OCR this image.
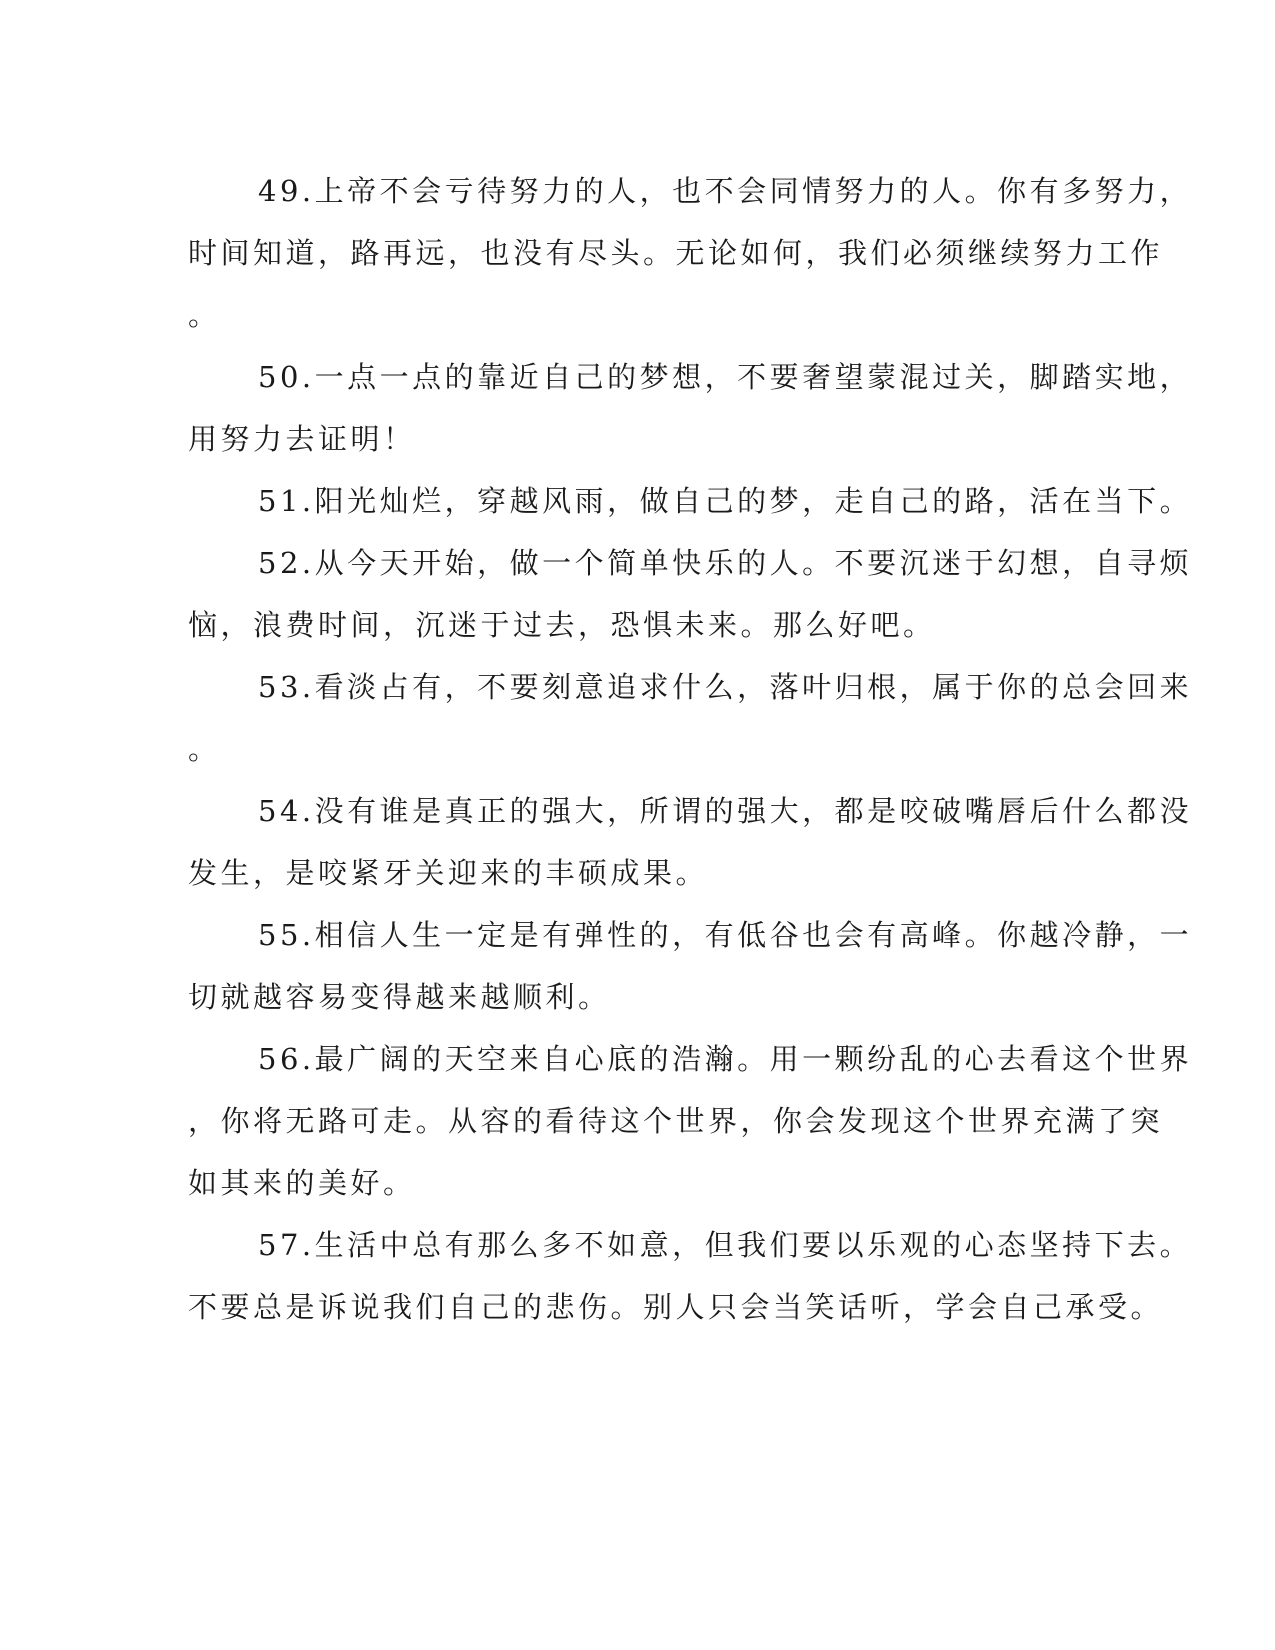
49.上帝不会亏待努力的人，也不会同情努力的人。你有多努力，
时间知道，路再远，也没有尽头。无论如何，我们必须继续努力工作
。
50.一点一点的靠近自己的梦想，不要奢望蒙混过关，脚踏实地，
用努力去证明！
51.阳光灿烂，穿越风雨，做自己的梦，走自己的路，活在当下。
52.从今天开始，做一个简单快乐的人。不要沉迷于幻想，自寻烦
恼，浪费时间，沉迷于过去，恐惧未来。那么好吧。
53.看淡占有，不要刻意追求什么，落叶归根，属于你的总会回来
。
54.没有谁是真正的强大，所谓的强大，都是咬破嘴唇后什么都没
发生，是咬紧牙关迎来的丰硕成果。
55.相信人生一定是有弹性的，有低谷也会有高峰。你越冷静，一
切就越容易变得越来越顺利。
56.最广阔的天空来自心底的浩瀚。用一颗纷乱的心去看这个世界
，你将无路可走。从容的看待这个世界，你会发现这个世界充满了突
如其来的美好。
57.生活中总有那么多不如意，但我们要以乐观的心态坚持下去。
不要总是诉说我们自己的悲伤。别人只会当笑话听，学会自己承受。
